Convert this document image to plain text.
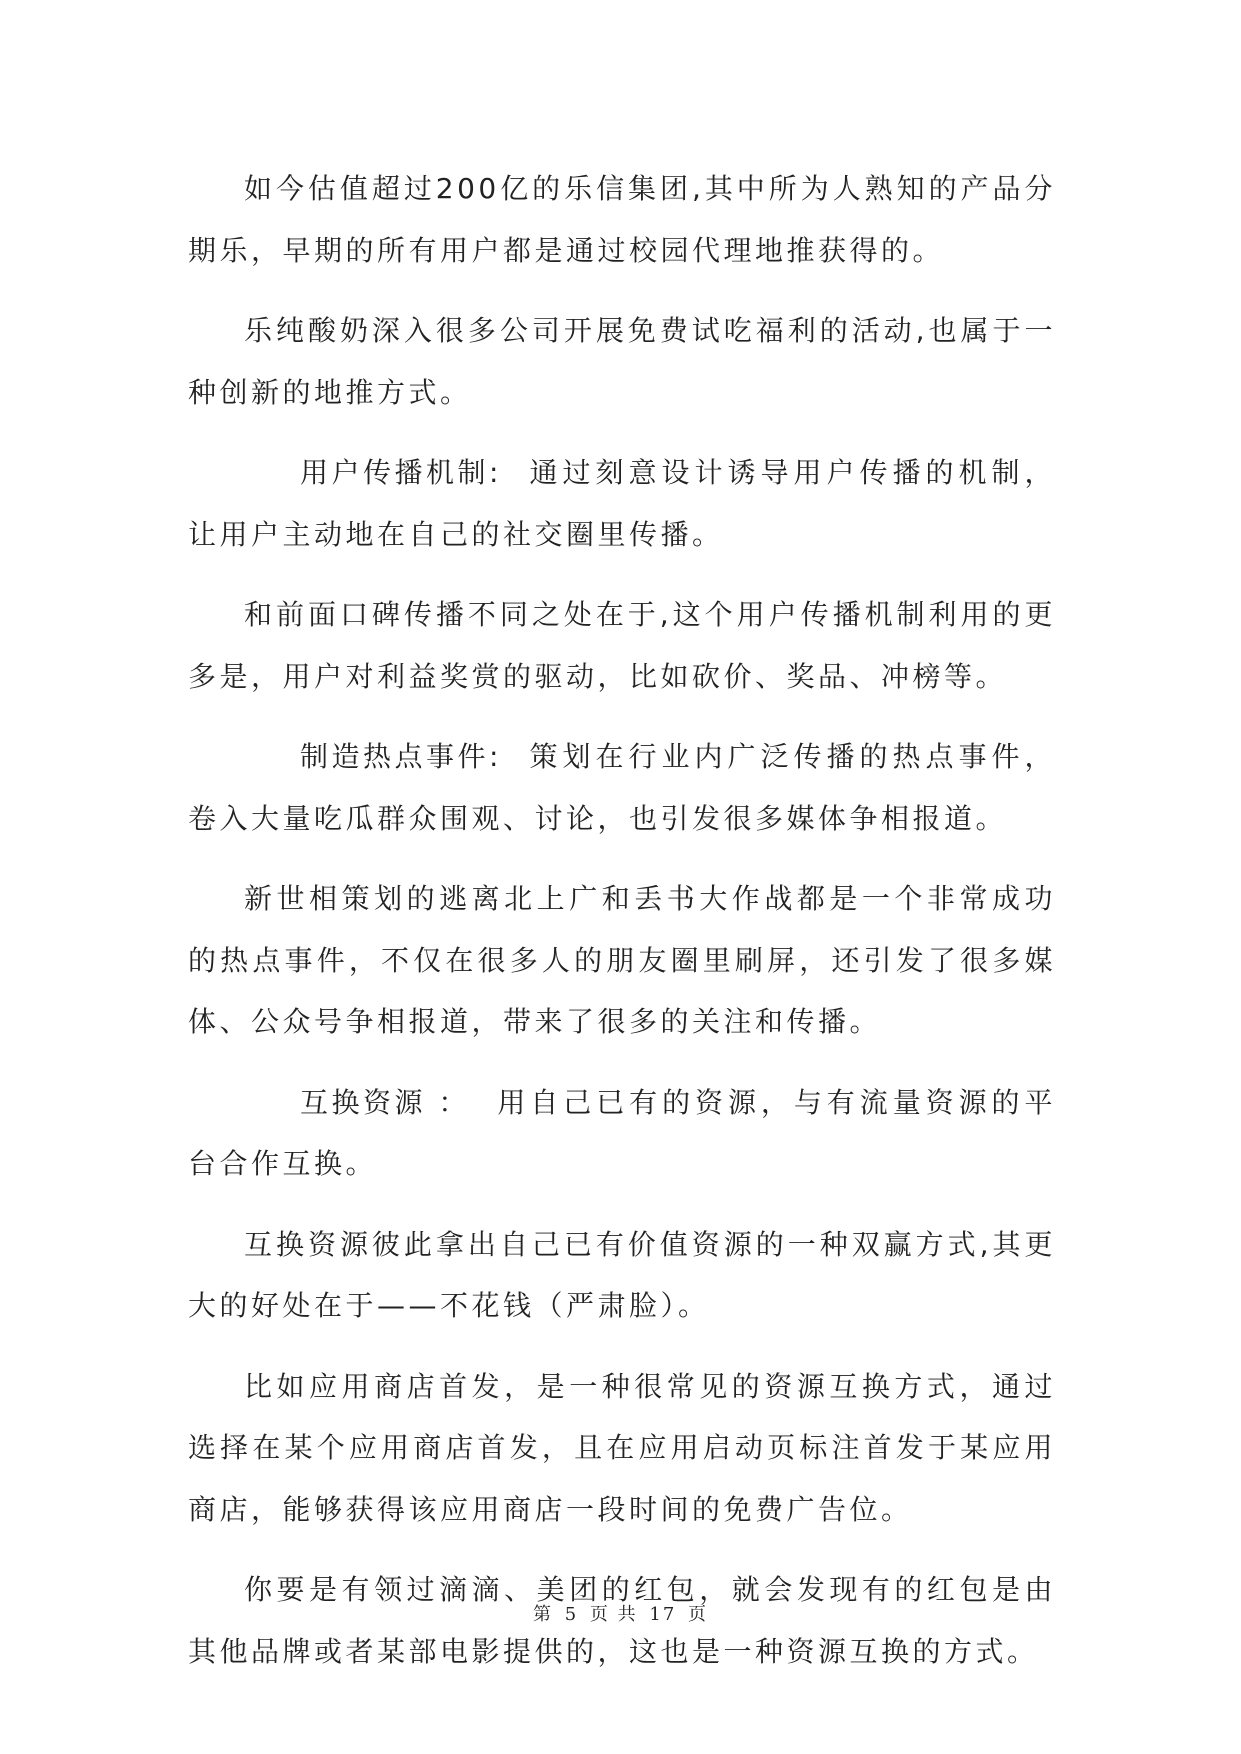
如今估值超过200亿的乐信集团,其中所为人熟知的产品分期乐，早期的所有用户都是通过校园代理地推获得的。

乐纯酸奶深入很多公司开展免费试吃福利的活动,也属于一种创新的地推方式。

用户传播机制: 通过刻意设计诱导用户传播的机制，让用户主动地在自己的社交圈里传播。

和前面口碑传播不同之处在于,这个用户传播机制利用的更多是，用户对利益奖赏的驱动，比如砍价、奖品、冲榜等。

制造热点事件: 策划在行业内广泛传播的热点事件，卷入大量吃瓜群众围观、讨论，也引发很多媒体争相报道。

新世相策划的逃离北上广和丢书大作战都是一个非常成功的热点事件，不仅在很多人的朋友圈里刷屏，还引发了很多媒体、公众号争相报道，带来了很多的关注和传播。

互换资源 ： 用自己已有的资源，与有流量资源的平台合作互换。

互换资源彼此拿出自己已有价值资源的一种双赢方式,其更大的好处在于——不花钱（严肃脸）。

比如应用商店首发，是一种很常见的资源互换方式，通过选择在某个应用商店首发，且在应用启动页标注首发于某应用商店，能够获得该应用商店一段时间的免费广告位。

你要是有领过滴滴、美团的红包，就会发现有的红包是由其他品牌或者某部电影提供的，这也是一种资源互换的方式。

第 5 页 共 17 页
